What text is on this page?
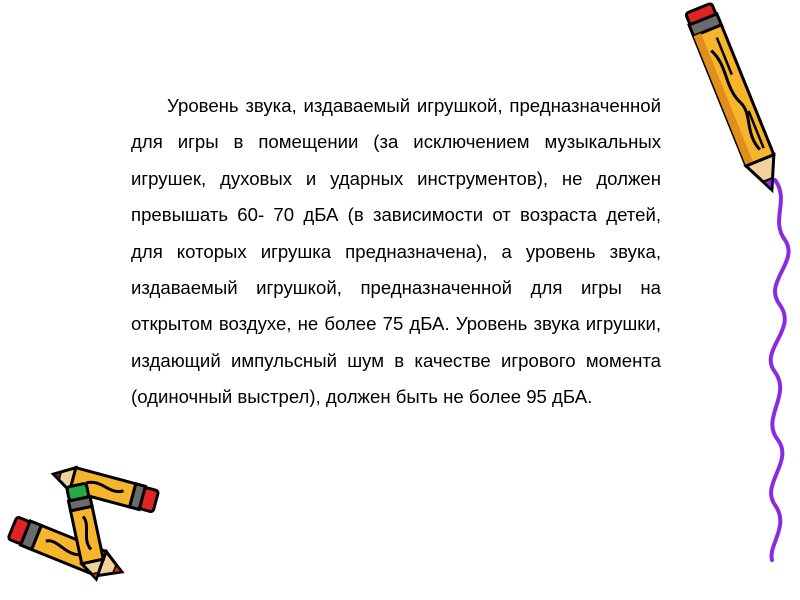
Уровень звука, издаваемый игрушкой, предназначенной для игры в помещении (за исключением музыкальных игрушек, духовых и ударных инструментов), не должен превышать 60- 70 дБА (в зависимости от возраста детей, для которых игрушка предназначена), а уровень звука, издаваемый игрушкой, предназначенной для игры на открытом воздухе, не более 75 дБА. Уровень звука игрушки, издающий импульсный шум в качестве игрового момента (одиночный выстрел), должен быть не более 95 дБА.
